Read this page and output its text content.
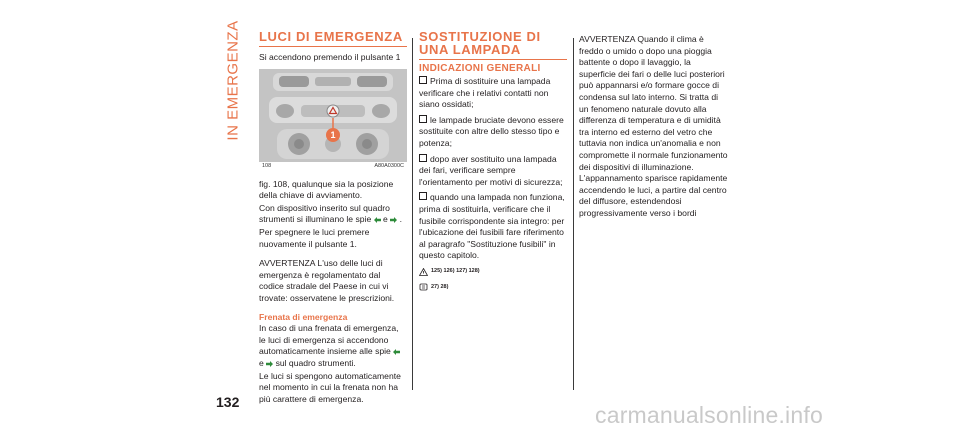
IN EMERGENZA LUCI DI EMERGENZA

Si accendono premendo il pulsante 1

1
108	A80A0300C

fig. 108, qualunque sia la posizione della chiave di avviamento.

Con dispositivo inserito sul quadro strumenti si illuminano le spie e .

Per spegnere le luci premere nuovamente il pulsante 1.

AVVERTENZA L'uso delle luci di emergenza è regolamentato dal codice stradale del Paese in cui vi trovate: osservatene le prescrizioni.

Frenata di emergenza

In caso di una frenata di emergenza, le luci di emergenza si accendono automaticamente insieme alle spie  e sul quadro strumenti.

Le luci si spengono automaticamente nel momento in cui la frenata non ha più carattere di emergenza.

SOSTITUZIONE DI
UNA LAMPADA
INDICAZIONI GENERALI

Prima di sostituire una lampada verificare che i relativi contatti non siano ossidati;

le lampade bruciate devono essere sostituite con altre dello stesso tipo e potenza;

dopo aver sostituito una lampada dei fari, verificare sempre l'orientamento per motivi di sicurezza;

quando una lampada non funziona, prima di sostituirla, verificare che il fusibile corrispondente sia integro: per l'ubicazione dei fusibili fare riferimento al paragrafo "Sostituzione fusibili" in questo capitolo.

125) 126) 127) 128)
27) 28)

AVVERTENZA Quando il clima è freddo o umido o dopo una pioggia battente o dopo il lavaggio, la superficie dei fari o delle luci posteriori può appannarsi e/o formare gocce di condensa sul lato interno. Si tratta di un fenomeno naturale dovuto alla differenza di temperatura e di umidità tra interno ed esterno del vetro che tuttavia non indica un'anomalia e non compromette il normale funzionamento dei dispositivi di illuminazione. L'appannamento sparisce rapidamente accendendo le luci, a partire dal centro del diffusore, estendendosi progressivamente verso i bordi

132	carmanualsonline.info
